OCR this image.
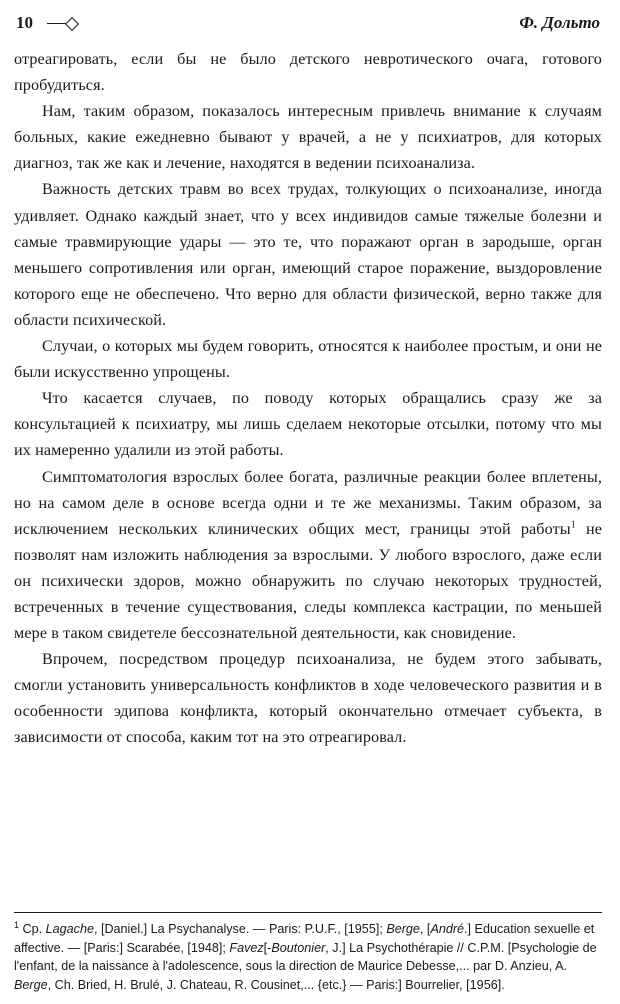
10	Ф. Дольто

отреагировать, если бы не было детского невротического очага, готового пробудиться.

Нам, таким образом, показалось интересным привлечь внимание к случаям больных, какие ежедневно бывают у врачей, а не у психиатров, для которых диагноз, так же как и лечение, находятся в ведении психоанализа.

Важность детских травм во всех трудах, толкующих о психоанализе, иногда удивляет. Однако каждый знает, что у всех индивидов самые тяжелые болезни и самые травмирующие удары — это те, что поражают орган в зародыше, орган меньшего сопротивления или орган, имеющий старое поражение, выздоровление которого еще не обеспечено. Что верно для области физической, верно также для области психической.

Случаи, о которых мы будем говорить, относятся к наиболее простым, и они не были искусственно упрощены.

Что касается случаев, по поводу которых обращались сразу же за консультацией к психиатру, мы лишь сделаем некоторые отсылки, потому что мы их намеренно удалили из этой работы.

Симптоматология взрослых более богата, различные реакции более вплетены, но на самом деле в основе всегда одни и те же механизмы. Таким образом, за исключением нескольких клинических общих мест, границы этой работы$^1$ не позволят нам изложить наблюдения за взрослыми. У любого взрослого, даже если он психически здоров, можно обнаружить по случаю некоторых трудностей, встреченных в течение существования, следы комплекса кастрации, по меньшей мере в таком свидетеле бессознательной деятельности, как сновидение.

Впрочем, посредством процедур психоанализа, не будем этого забывать, смогли установить универсальность конфликтов в ходе человеческого развития и в особенности эдипова конфликта, который окончательно отмечает субъекта, в зависимости от способа, каким тот на это отреагировал.

$^1$ Ср. Lagache, [Daniel.] La Psychanalyse. — Paris: P.U.F., [1955]; Berge, [André.] Education sexuelle et affective. — [Paris:] Scarabée, [1948]; Favez[-Boutonier, J.] La Psychothérapie // C.P.M. [Psychologie de l'enfant, de la naissance à l'adolescence, sous la direction de Maurice Debesse,... par D. Anzieu, A. Berge, Ch. Bried, H. Brulé, J. Chateau, R. Cousinet,... {etc.} — Paris:] Bourrelier, [1956].
